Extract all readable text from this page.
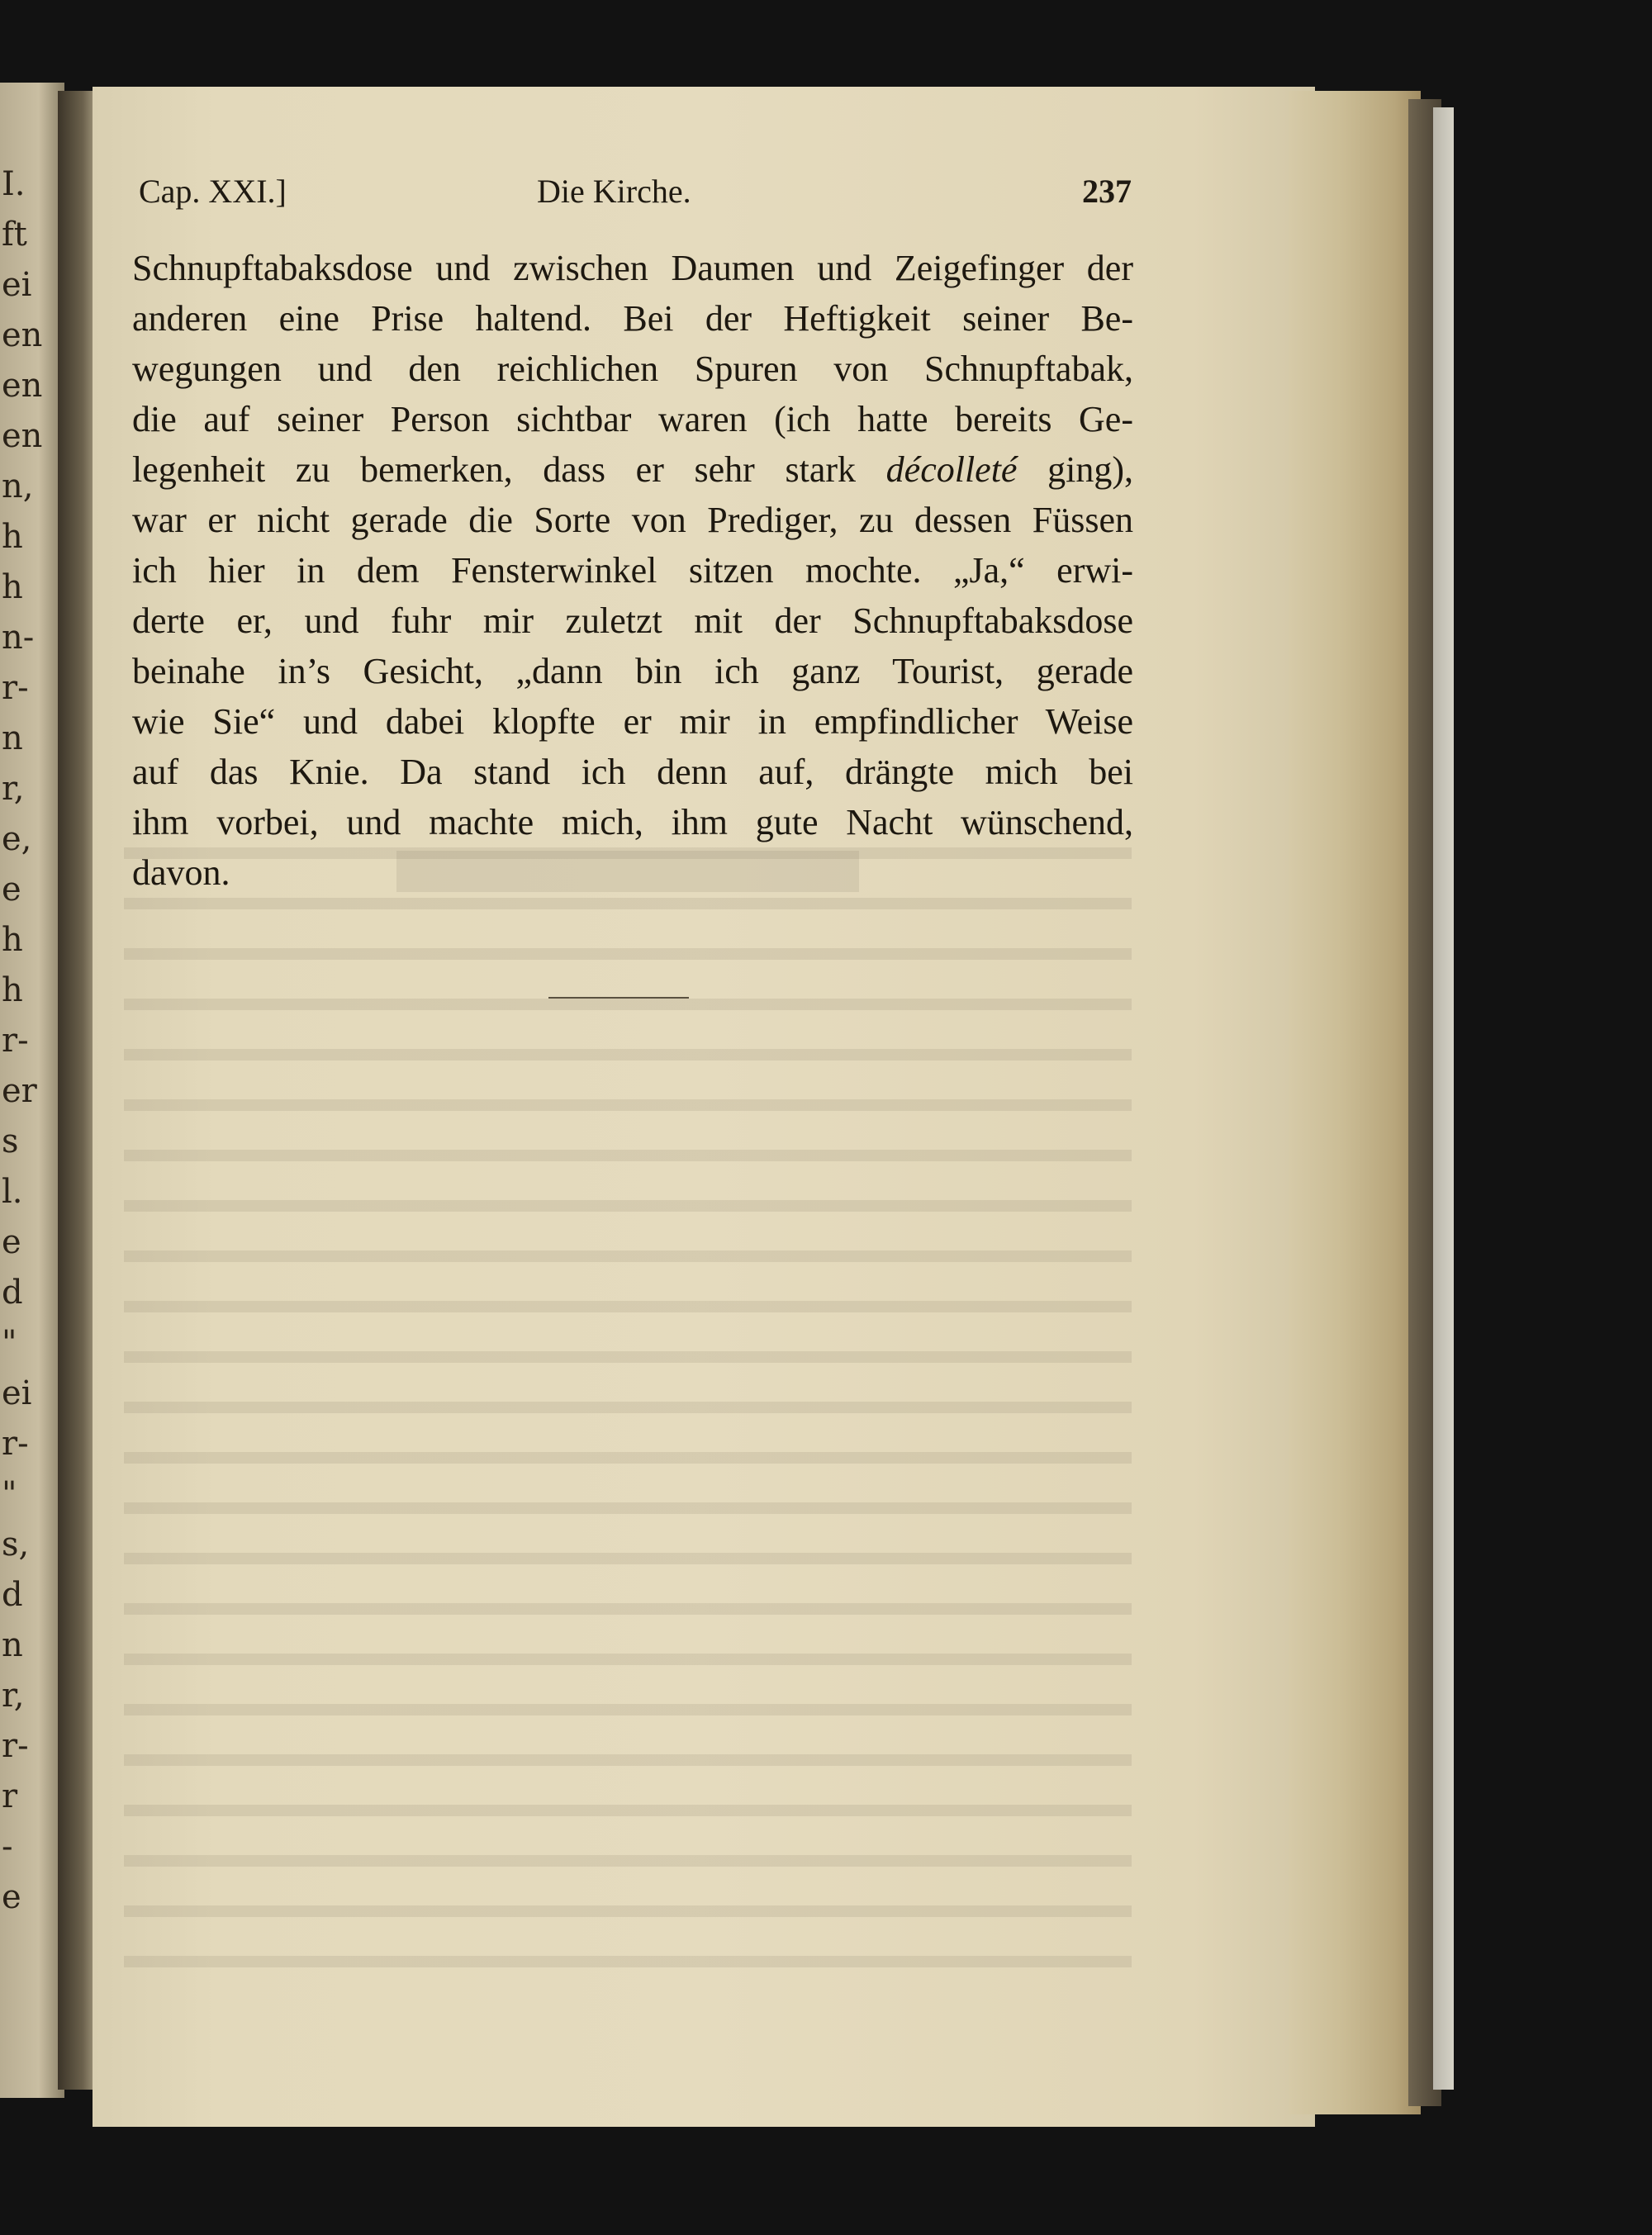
I.
ft
ei
en
en
en
n,
h
h
n-
r-
n
r,
e,
e
h
h
r-
er
s
l.
e
d
"
ei
r-
"
s,
d
n
r,
r-
r
-
e
Cap. XXI.]	Die Kirche.	237
Schnupftabaksdose und zwischen Daumen und Zeigefinger der
anderen eine Prise haltend. Bei der Heftigkeit seiner Be-
wegungen und den reichlichen Spuren von Schnupftabak,
die auf seiner Person sichtbar waren (ich hatte bereits Ge-
legenheit zu bemerken, dass er sehr stark décolleté ging),
war er nicht gerade die Sorte von Prediger, zu dessen Füssen
ich hier in dem Fensterwinkel sitzen mochte. „Ja,“ erwi-
derte er, und fuhr mir zuletzt mit der Schnupftabaksdose
beinahe in’s Gesicht, „dann bin ich ganz Tourist, gerade
wie Sie“ und dabei klopfte er mir in empfindlicher Weise
auf das Knie. Da stand ich denn auf, drängte mich bei
ihm vorbei, und machte mich, ihm gute Nacht wünschend,
davon.
